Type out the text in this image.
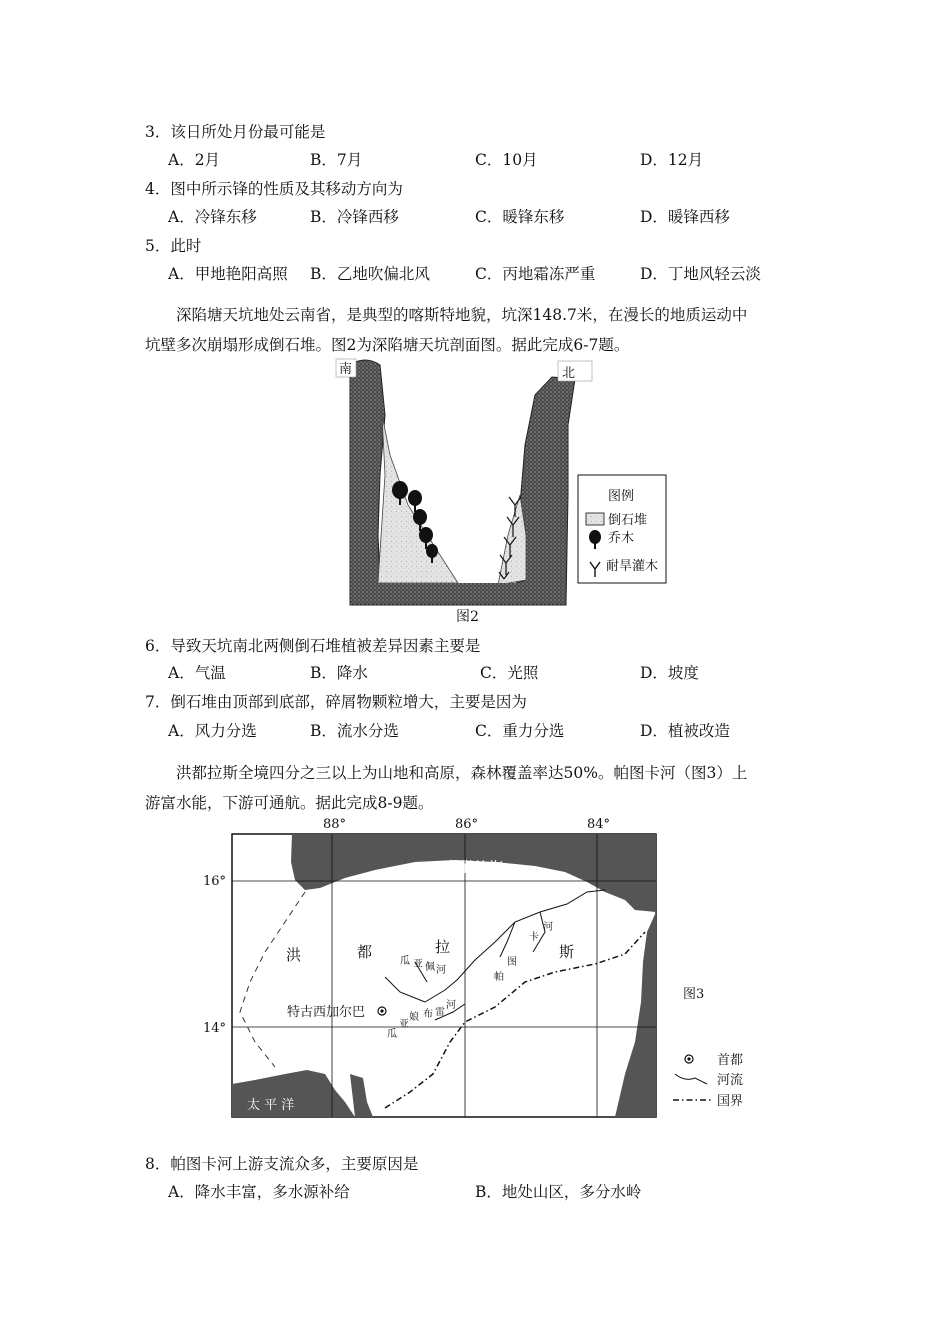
3．该日所处月份最可能是
A．2月	B．7月	C．10月	D．12月
4．图中所示锋的性质及其移动方向为
A．冷锋东移	B．冷锋西移	C．暖锋东移	D．暖锋西移
5．此时
A．甲地艳阳高照 B．乙地吹偏北风	C．丙地霜冻严重	D．丁地风轻云淡
深陷塘天坑地处云南省，是典型的喀斯特地貌，坑深148.7米，在漫长的地质运动中
坑壁多次崩塌形成倒石堆。图2为深陷塘天坑剖面图。据此完成6-7题。
南	北
图例
倒石堆
乔木
耐旱灌木
图2
6．导致天坑南北两侧倒石堆植被差异因素主要是
A．气温	B．降水	C．光照	D．坡度
7．倒石堆由顶部到底部，碎屑物颗粒增大，主要是因为
A．风力分选	B．流水分选	C．重力分选	D．植被改造
洪都拉斯全境四分之三以上为山地和高原，森林覆盖率达50%。帕图卡河（图3）上
游富水能，下游可通航。据此完成8-9题。
88°	86°	84°
16°
14°
加勒比海
太 平 洋
洪	都	拉	斯
特古西加尔巴
瓜 亚 佩 河
帕
图
卡
河
瓜
亚
娘 布 雷
河
图3
首都
河流
国界
8．帕图卡河上游支流众多，主要原因是
A．降水丰富，多水源补给	B．地处山区，多分水岭
